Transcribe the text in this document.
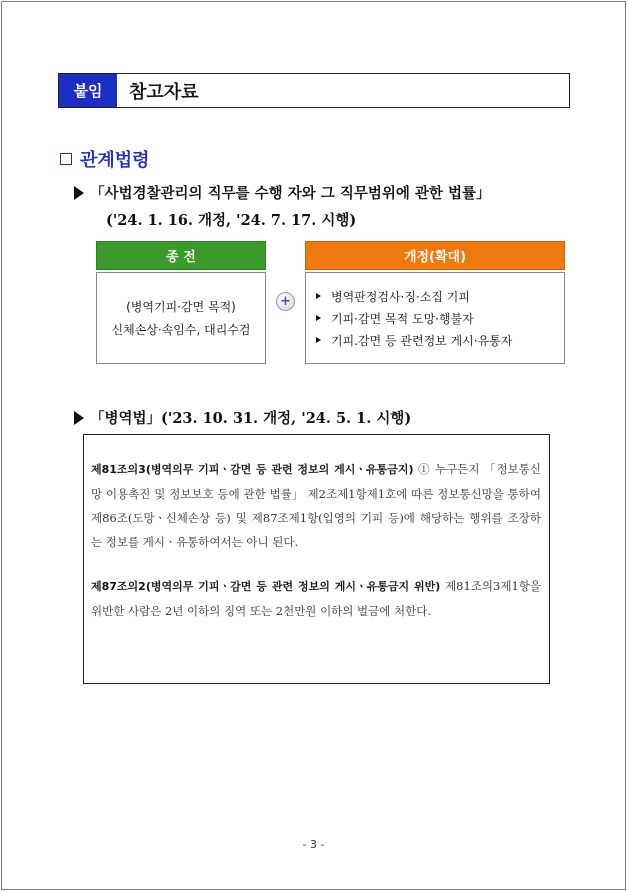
붙임	참고자료
관계법령
「사법경찰관리의 직무를 수행 자와 그 직무범위에 관한 법률」
('24. 1. 16. 개정, '24. 7. 17. 시행)
종 전	개정(확대)
(병역기피·감면 목적)
신체손상·속임수, 대리수검
+	병역판정검사·징·소집 기피
기피·감면 목적 도망·행불자
기피.감면 등 관련정보 게시·유통자
「병역법」('23. 10. 31. 개정, '24. 5. 1. 시행)

제81조의3(병역의무 기피ㆍ감면 등 관련 정보의 게시ㆍ유통금지) ① 누구든지 「정보통신망 이용촉진 및 정보보호 등에 관한 법률」 제2조제1항제1호에 따른 정보통신망을 통하여 제86조(도망ㆍ신체손상 등) 및 제87조제1항(입영의 기피 등)에 해당하는 행위를 조장하는 정보를 게시ㆍ유통하여서는 아니 된다.

제87조의2(병역의무 기피ㆍ감면 등 관련 정보의 게시ㆍ유통금지 위반) 제81조의3제1항을 위반한 사람은 2년 이하의 징역 또는 2천만원 이하의 벌금에 처한다.

- 3 -
